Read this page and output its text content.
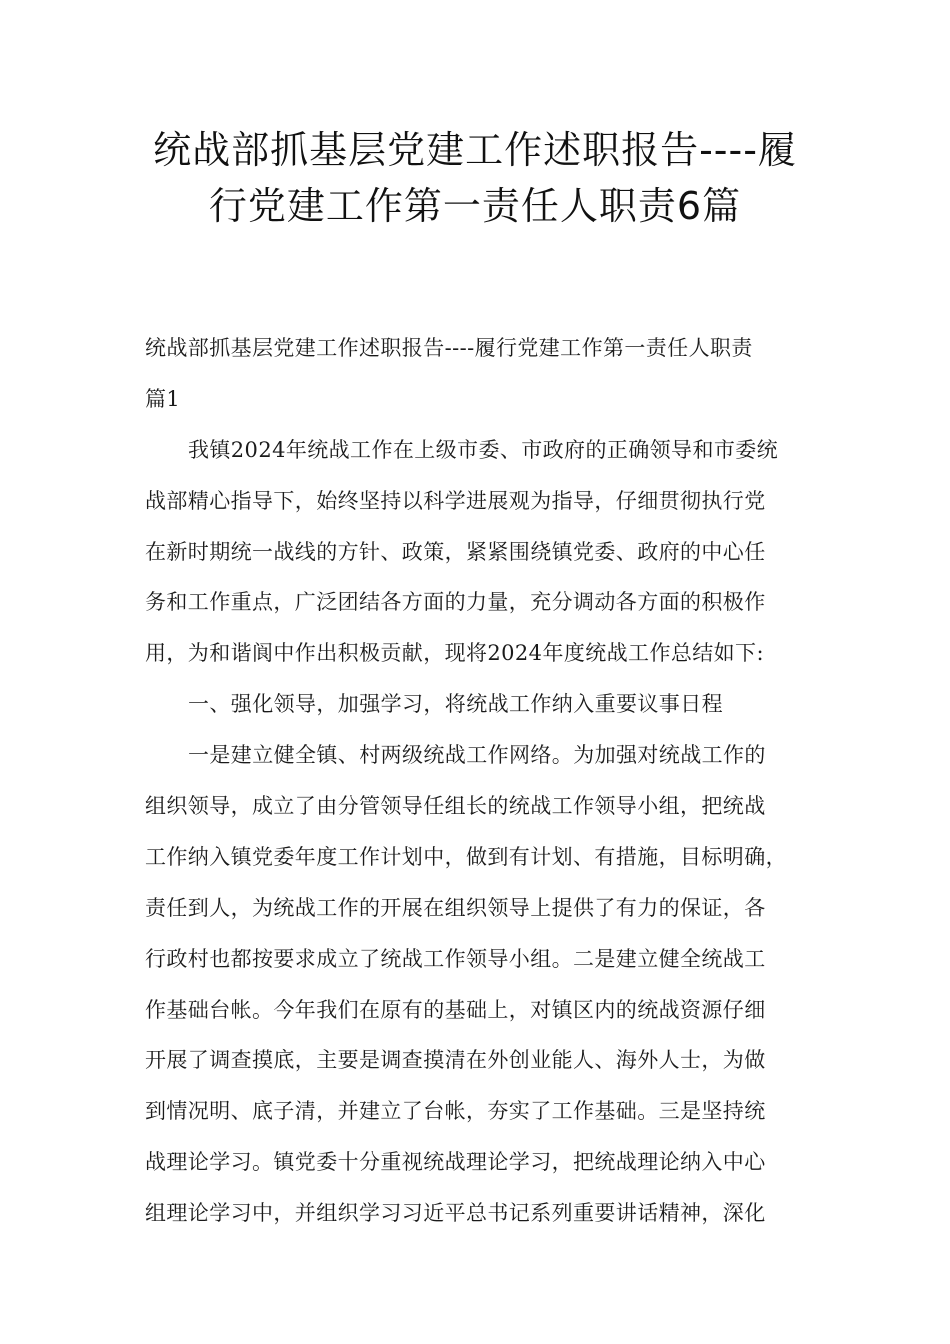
统战部抓基层党建工作述职报告----履
行党建工作第一责任人职责6篇
统战部抓基层党建工作述职报告----履行党建工作第一责任人职责
篇1
我镇2024年统战工作在上级市委、市政府的正确领导和市委统
战部精心指导下，始终坚持以科学进展观为指导，仔细贯彻执行党
在新时期统一战线的方针、政策，紧紧围绕镇党委、政府的中心任
务和工作重点，广泛团结各方面的力量，充分调动各方面的积极作
用，为和谐阆中作出积极贡献，现将2024年度统战工作总结如下:
一、强化领导，加强学习，将统战工作纳入重要议事日程
一是建立健全镇、村两级统战工作网络。为加强对统战工作的
组织领导，成立了由分管领导任组长的统战工作领导小组，把统战
工作纳入镇党委年度工作计划中，做到有计划、有措施，目标明确，
责任到人，为统战工作的开展在组织领导上提供了有力的保证，各
行政村也都按要求成立了统战工作领导小组。二是建立健全统战工
作基础台帐。今年我们在原有的基础上，对镇区内的统战资源仔细
开展了调查摸底，主要是调查摸清在外创业能人、海外人士，为做
到情况明、底子清，并建立了台帐，夯实了工作基础。三是坚持统
战理论学习。镇党委十分重视统战理论学习，把统战理论纳入中心
组理论学习中，并组织学习习近平总书记系列重要讲话精神，深化
